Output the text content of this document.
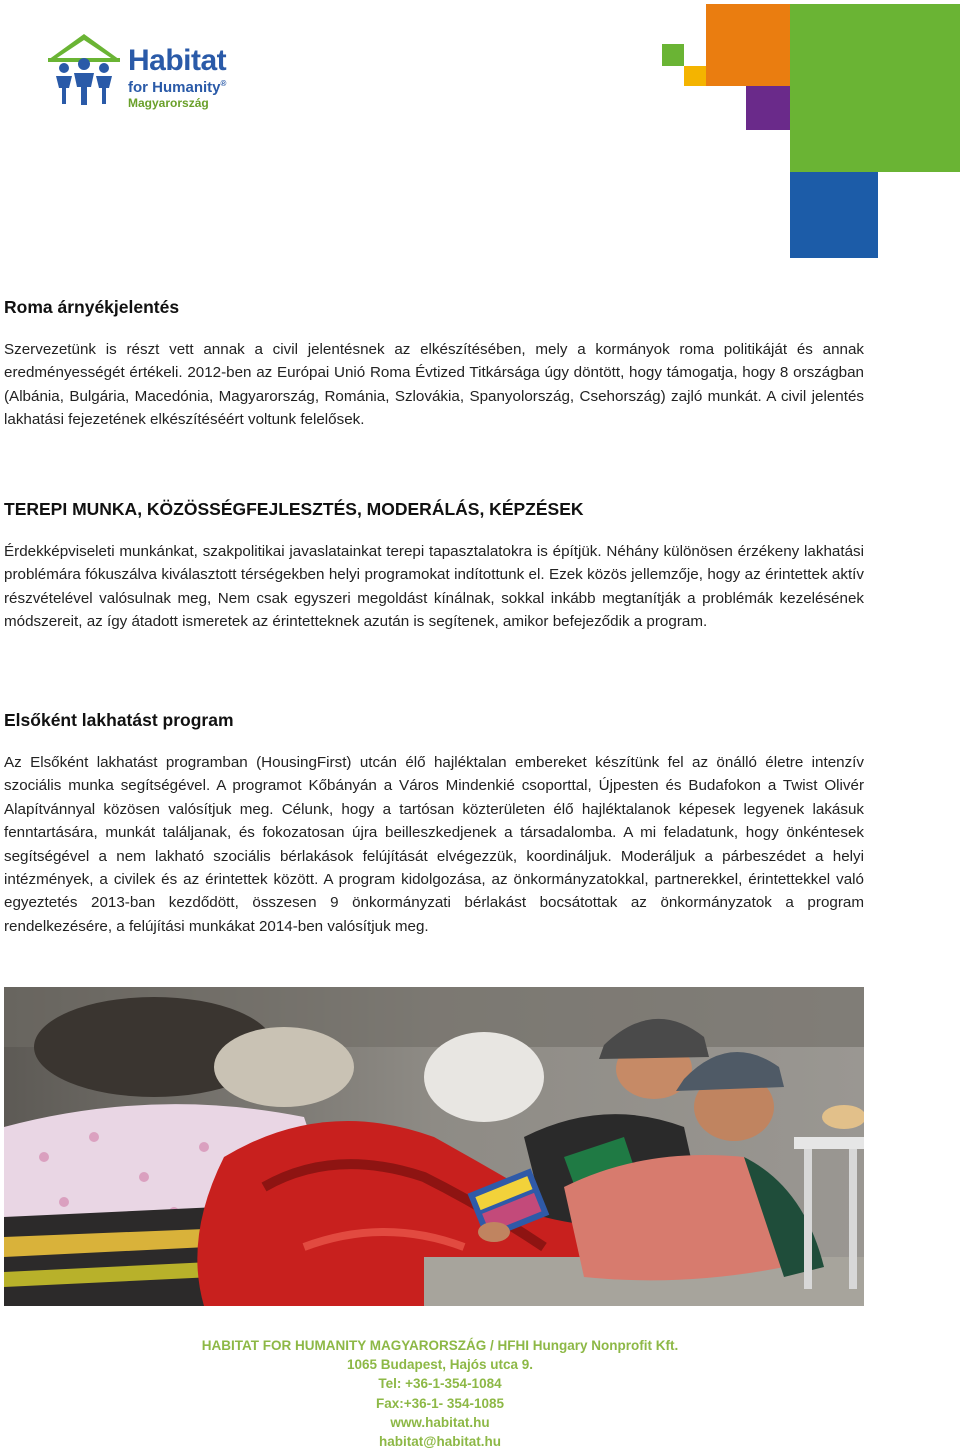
Habitat
for Humanity®
Magyarország
Roma árnyékjelentés

Szervezetünk is részt vett annak a civil jelentésnek az elkészítésében, mely a kormányok roma politikáját és annak eredményességét értékeli. 2012-ben az Európai Unió Roma Évtized Titkársága úgy döntött, hogy támogatja, hogy 8 országban (Albánia, Bulgária, Macedónia, Magyarország, Románia, Szlovákia, Spanyolország, Csehország) zajló munkát. A civil jelentés lakhatási fejezetének elkészítéséért voltunk felelősek.

TEREPI MUNKA, KÖZÖSSÉGFEJLESZTÉS, MODERÁLÁS, KÉPZÉSEK

Érdekképviseleti munkánkat, szakpolitikai javaslatainkat terepi tapasztalatokra is építjük. Néhány különösen érzékeny lakhatási problémára fókuszálva kiválasztott térségekben helyi programokat indítottunk el. Ezek közös jellemzője, hogy az érintettek aktív részvételével valósulnak meg, Nem csak egyszeri megoldást kínálnak, sokkal inkább megtanítják a problémák kezelésének módszereit, az így átadott ismeretek az érintetteknek azután is segítenek, amikor befejeződik a program.

Elsőként lakhatást program

Az Elsőként lakhatást programban (HousingFirst) utcán élő hajléktalan embereket készítünk fel az önálló életre intenzív szociális munka segítségével. A programot Kőbányán a Város Mindenkié csoporttal, Újpesten és Budafokon a Twist Olivér Alapítvánnyal közösen valósítjuk meg. Célunk, hogy a tartósan közterületen élő hajléktalanok képesek legyenek lakásuk fenntartására, munkát találjanak, és fokozatosan újra beilleszkedjenek a társadalomba. A mi feladatunk, hogy önkéntesek segítségével a nem lakható szociális bérlakások felújítását elvégezzük, koordináljuk. Moderáljuk a párbeszédet a helyi intézmények, a civilek és az érintettek között. A program kidolgozása, az önkormányzatokkal, partnerekkel, érintettekkel való egyeztetés 2013-ban kezdődött, összesen 9 önkormányzati bérlakást bocsátottak az önkormányzatok a program rendelkezésére, a felújítási munkákat 2014-ben valósítjuk meg.

HABITAT FOR HUMANITY MAGYARORSZÁG / HFHI Hungary Nonprofit Kft.
1065 Budapest, Hajós utca 9.
Tel: +36-1-354-1084
Fax:+36-1- 354-1085
www.habitat.hu
habitat@habitat.hu
